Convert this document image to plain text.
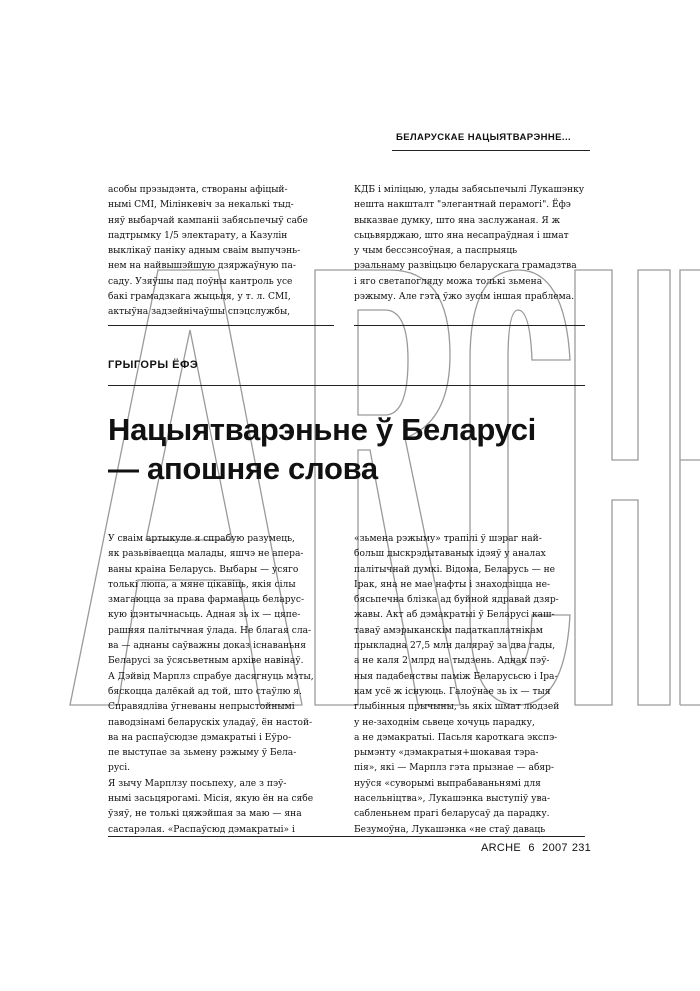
БЕЛАРУСКАЕ НАЦЫЯТВАРЭННЕ...
асобы прэзыдэнта, створаны афіцый-
нымі СМІ, Мілінкевіч за некалькі тыд-
няў выбарчай кампаніі забясьпечыў сабе
падтрымку 1/5 электарату, а Казулін
выклікаў паніку адным сваім выпучэнь-
нем на найвышэйшую дзяржаўную па-
саду. Узяўшы пад поўны кантроль усе
бакі грамадзкага жыцьця, у т. л. СМІ,
актыўна задзейнічаўшы спэцслужбы,
КДБ і міліцыю, улады забясьпечылі Лукашэнку
нешта накшталт "элегантнай перамогі". Ёфэ
выказвае думку, што яна заслужаная. Я ж
сьцьвярджаю, што яна несапраўдная і шмат
у чым бессэнсоўная, а паспрыяць
рэальнаму развіцьцю беларускага грамадзтва
і яго светапогляду можа толькі зьмена
рэжыму. Але гэта ўжо зусім іншая праблема.
ГРЫГОРЫ ЁФЭ
Нацыятварэньне ў Беларусі
— апошняе слова
У сваім артыкуле я спрабую разумець,
як разьвіваецца малады, яшчэ не апера-
ваны краіна Беларусь. Выбары — усяго
толькі люпа, а мяне цікавіць, якія сілы
змагаюцца за права фармаваць беларус-
кую ідэнтычнасьць. Адная зь іх — цяпе-
рашняя палітычная ўлада. Не благая сла-
ва — аднаны саўважны доказ існаваньня
Беларусі за ўсясьветным архіве навінаў.
А Дэйвід Марплз спрабуе дасягнуць мэты,
бяскоцца далёкай ад той, што стаўлю я.
Справядліва ўгневаны непрыстойнымі
паводзінамі беларускіх уладаў, ён настой-
ва на распаўсюдзе дэмакратыі і Еўро-
пе выступае за зьмену рэжыму ў Бела-
русі.
Я зычу Марплзу посьпеху, але з пэў-
нымі засьцярогамі. Місія, якую ён на сябе
ўзяў, не толькі цяжэйшая за маю — яна
састарэлая. «Распаўсюд дэмакратыі» і
«зьмена рэжыму» трапілі ў шэраг най-
больш дыскрэдытаваных ідэяў у аналах
палітычнай думкі. Відома, Беларусь — не
Ірак, яна не мае нафты і знаходзіцца не-
бясьпечна блізка ад буйной ядравай дзяр-
жавы. Акт аб дэмакратыі ў Беларусі каш-
таваў амэрыканскім падаткаплатнікам
прыкладна 27,5 млн даляраў за два гады,
а не каля 2 млрд на тыдзень. Аднак пэў-
ныя падабенствы паміж Беларусьсю і Іра-
кам усё ж існуюць. Галоўнае зь іх — тыя
глыбінныя прычыны, зь якіх шмат людзей
у не-заходнім сьвеце хочуць парадку,
а не дэмакратыі. Пасьля кароткага экспэ-
рымэнту «дэмакратыя+шокавая тэра-
пія», які — Марплз гэта прызнае — абяр-
нуўся «суворымі выпрабаваньнямі для
насельніцтва», Лукашэнка выступіў ува-
сабленьнем прагі беларусаў да парадку.
Безумоўна, Лукашэнка «не стаў даваць
ARCHE 6 2007 231
